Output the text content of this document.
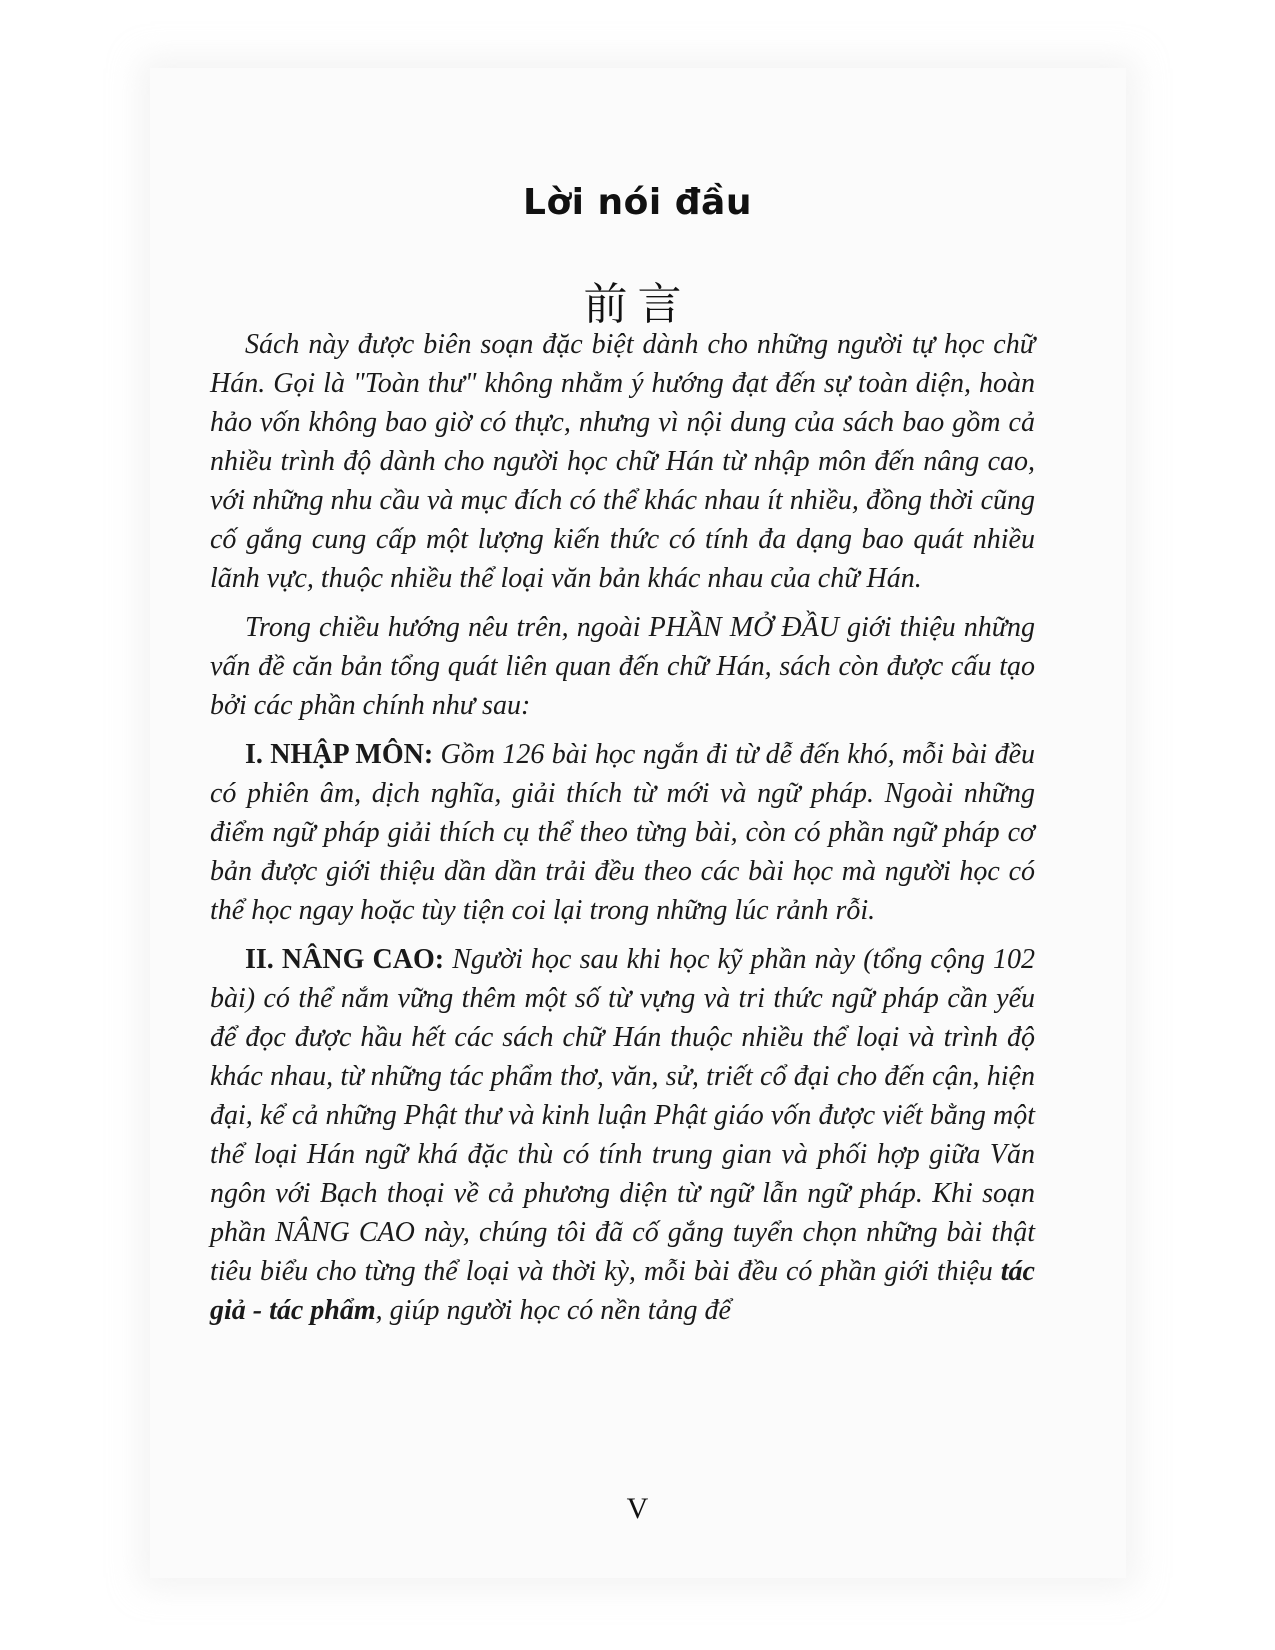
Lời nói đầu
前言

Sách này được biên soạn đặc biệt dành cho những người tự học chữ Hán. Gọi là "Toàn thư" không nhằm ý hướng đạt đến sự toàn diện, hoàn hảo vốn không bao giờ có thực, nhưng vì nội dung của sách bao gồm cả nhiều trình độ dành cho người học chữ Hán từ nhập môn đến nâng cao, với những nhu cầu và mục đích có thể khác nhau ít nhiều, đồng thời cũng cố gắng cung cấp một lượng kiến thức có tính đa dạng bao quát nhiều lãnh vực, thuộc nhiều thể loại văn bản khác nhau của chữ Hán.

Trong chiều hướng nêu trên, ngoài PHẦN MỞ ĐẦU giới thiệu những vấn đề căn bản tổng quát liên quan đến chữ Hán, sách còn được cấu tạo bởi các phần chính như sau:

I. NHẬP MÔN: Gồm 126 bài học ngắn đi từ dễ đến khó, mỗi bài đều có phiên âm, dịch nghĩa, giải thích từ mới và ngữ pháp. Ngoài những điểm ngữ pháp giải thích cụ thể theo từng bài, còn có phần ngữ pháp cơ bản được giới thiệu dần dần trải đều theo các bài học mà người học có thể học ngay hoặc tùy tiện coi lại trong những lúc rảnh rỗi.

II. NÂNG CAO: Người học sau khi học kỹ phần này (tổng cộng 102 bài) có thể nắm vững thêm một số từ vựng và tri thức ngữ pháp cần yếu để đọc được hầu hết các sách chữ Hán thuộc nhiều thể loại và trình độ khác nhau, từ những tác phẩm thơ, văn, sử, triết cổ đại cho đến cận, hiện đại, kể cả những Phật thư và kinh luận Phật giáo vốn được viết bằng một thể loại Hán ngữ khá đặc thù có tính trung gian và phối hợp giữa Văn ngôn với Bạch thoại về cả phương diện từ ngữ lẫn ngữ pháp. Khi soạn phần NÂNG CAO này, chúng tôi đã cố gắng tuyển chọn những bài thật tiêu biểu cho từng thể loại và thời kỳ, mỗi bài đều có phần giới thiệu tác giả - tác phẩm, giúp người học có nền tảng để

V
